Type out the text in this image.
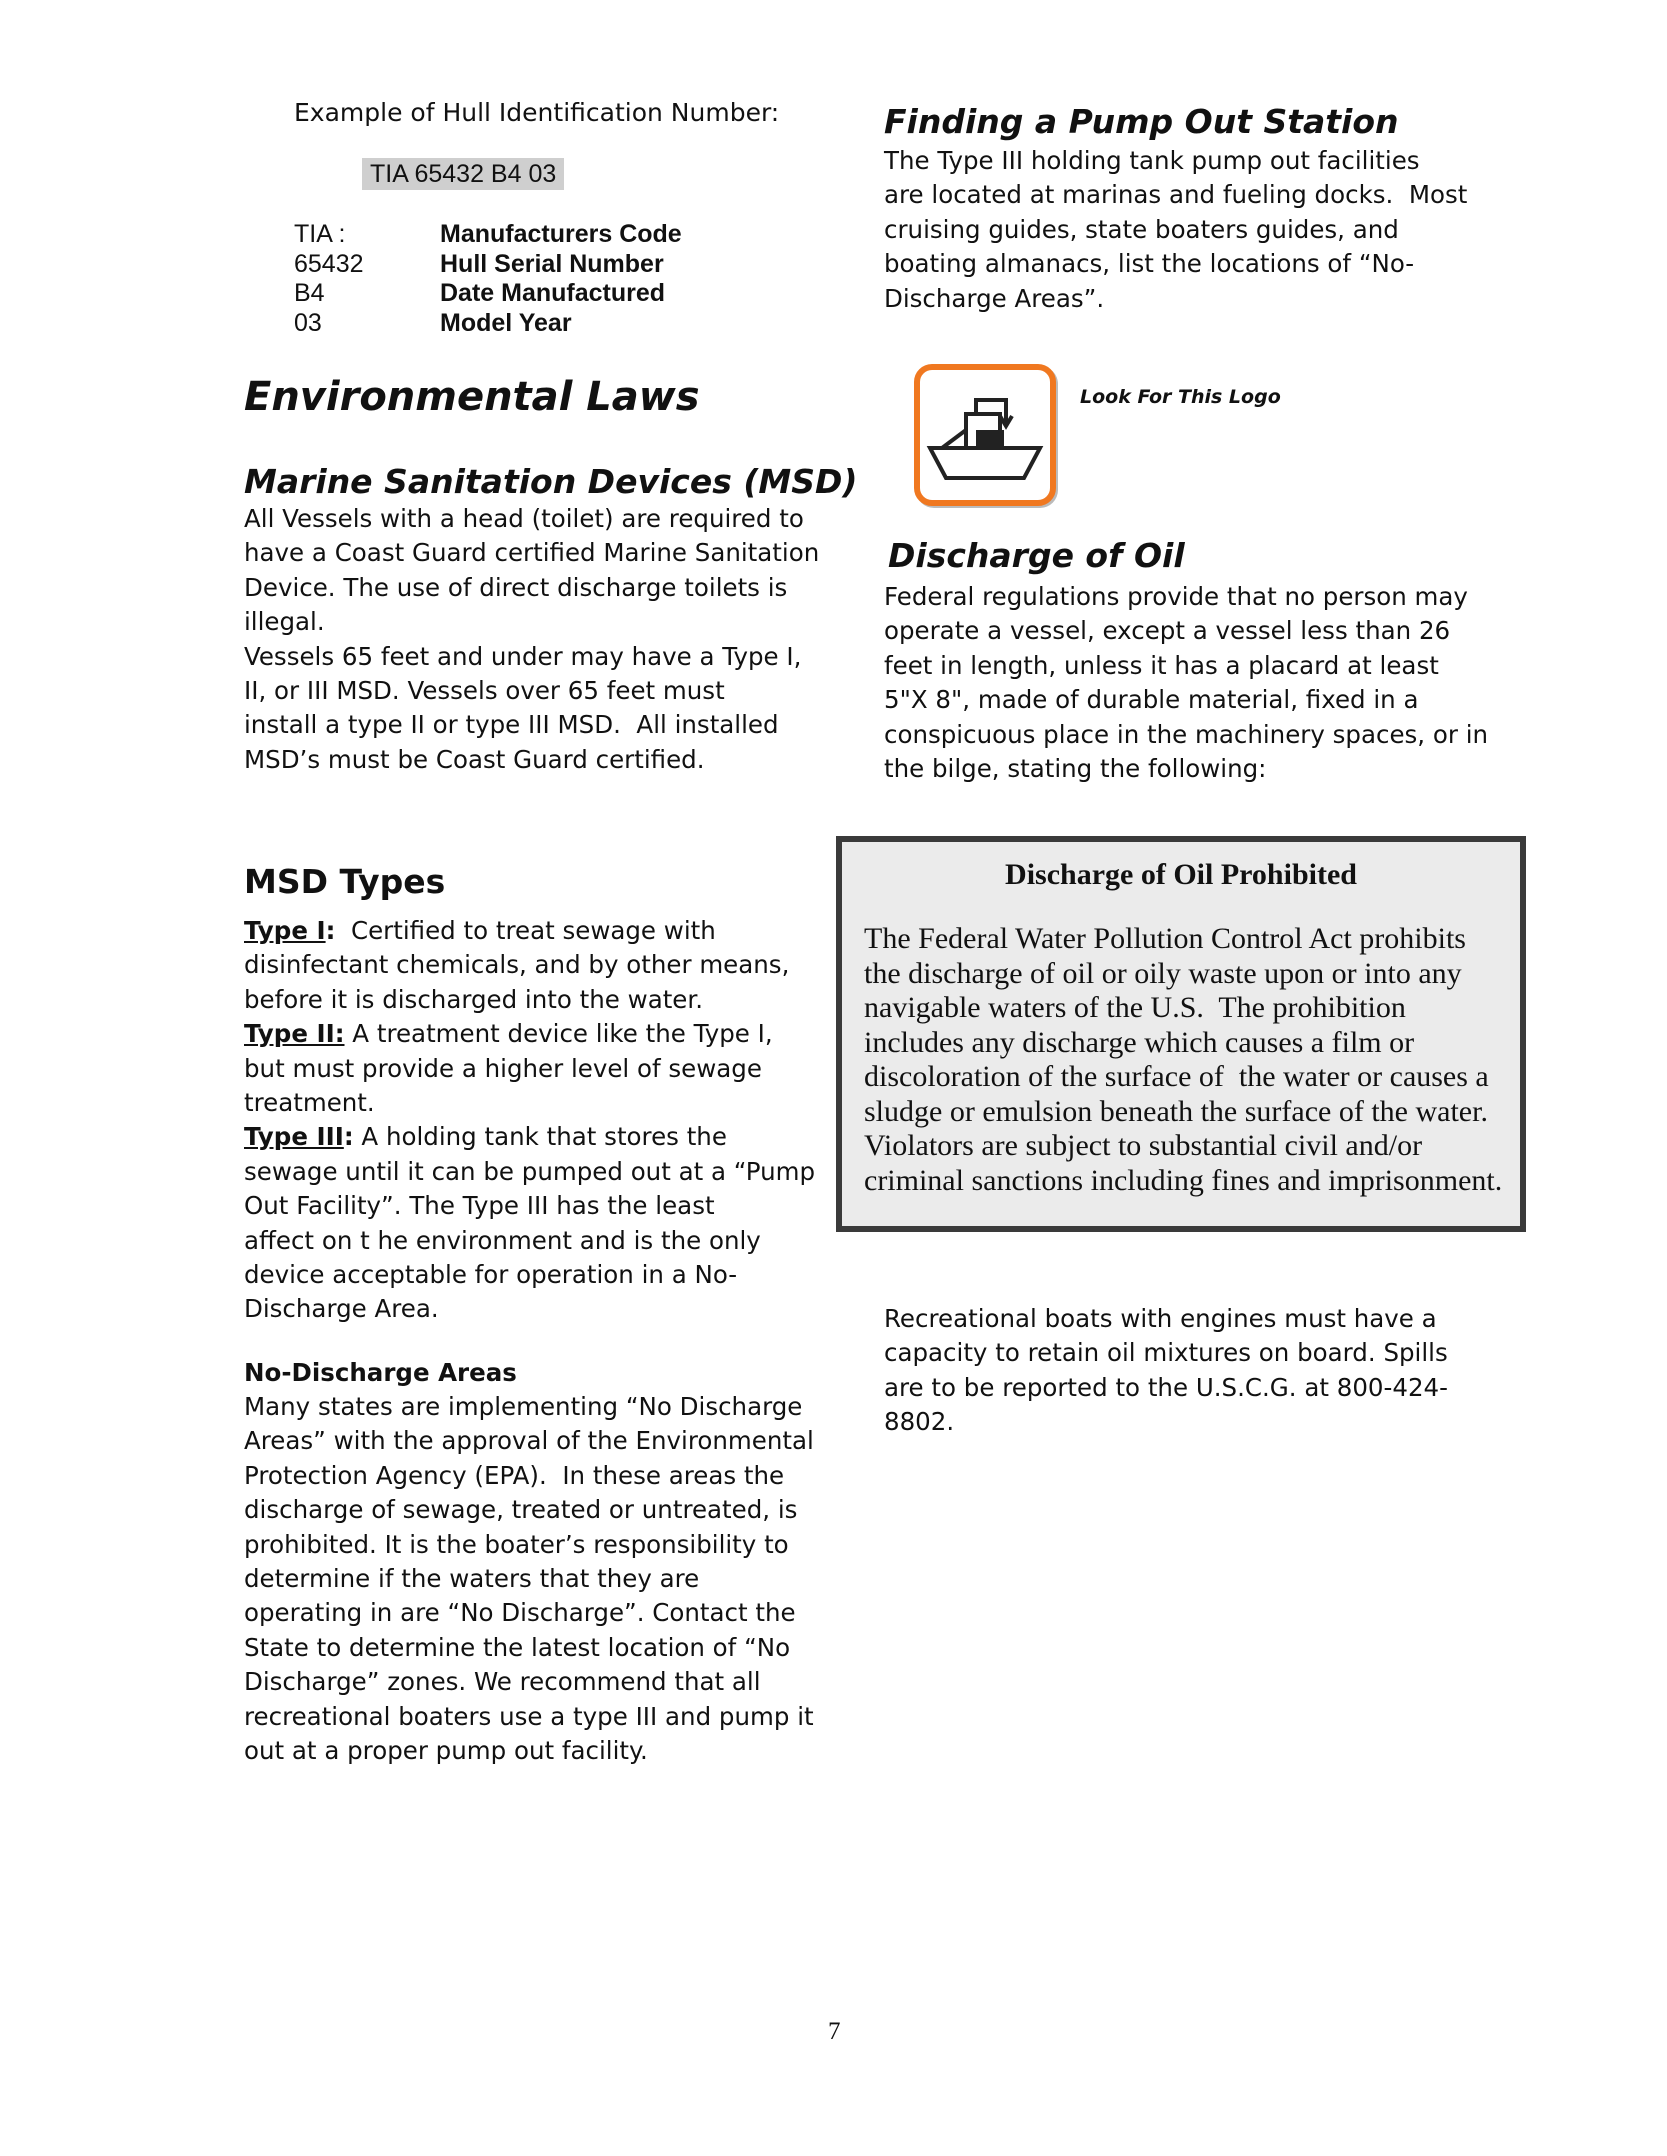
Example of Hull Identification Number:
TIA 65432 B4 03
TIA :	Manufacturers Code
65432	Hull Serial Number
B4	Date Manufactured
03	Model Year
Environmental Laws
Marine Sanitation Devices (MSD)

All Vessels with a head (toilet) are required to

have a Coast Guard certified Marine Sanitation

Device. The use of direct discharge toilets is

illegal.

Vessels 65 feet and under may have a Type I,

II, or III MSD. Vessels over 65 feet must

install a type II or type III MSD.  All installed

MSD’s must be Coast Guard certified.

MSD Types

Type I:  Certified to treat sewage with

disinfectant chemicals, and by other means,

before it is discharged into the water.

Type II: A treatment device like the Type I,

but must provide a higher level of sewage

treatment.

Type III: A holding tank that stores the

sewage until it can be pumped out at a “Pump

Out Facility”. The Type III has the least

affect on t he environment and is the only

device acceptable for operation in a No-

Discharge Area.

No-Discharge Areas

Many states are implementing “No Discharge

Areas” with the approval of the Environmental

Protection Agency (EPA).  In these areas the

discharge of sewage, treated or untreated, is

prohibited. It is the boater’s responsibility to

determine if the waters that they are

operating in are “No Discharge”. Contact the

State to determine the latest location of “No

Discharge” zones. We recommend that all

recreational boaters use a type III and pump it

out at a proper pump out facility.

Finding a Pump Out Station

The Type III holding tank pump out facilities

are located at marinas and fueling docks.  Most

cruising guides, state boaters guides, and

boating almanacs, list the locations of “No-

Discharge Areas”.

Look For This Logo
Discharge of Oil

Federal regulations provide that no person may

operate a vessel, except a vessel less than 26

feet in length, unless it has a placard at least

5"X 8", made of durable material, fixed in a

conspicuous place in the machinery spaces, or in

the bilge, stating the following:

Discharge of Oil Prohibited

The Federal Water Pollution Control Act prohibits

the discharge of oil or oily waste upon or into any

navigable waters of the U.S.  The prohibition

includes any discharge which causes a film or

discoloration of the surface of  the water or causes a

sludge or emulsion beneath the surface of the water.

Violators are subject to substantial civil and/or

criminal sanctions including fines and imprisonment.

Recreational boats with engines must have a

capacity to retain oil mixtures on board. Spills

are to be reported to the U.S.C.G. at 800-424-

8802.

7
